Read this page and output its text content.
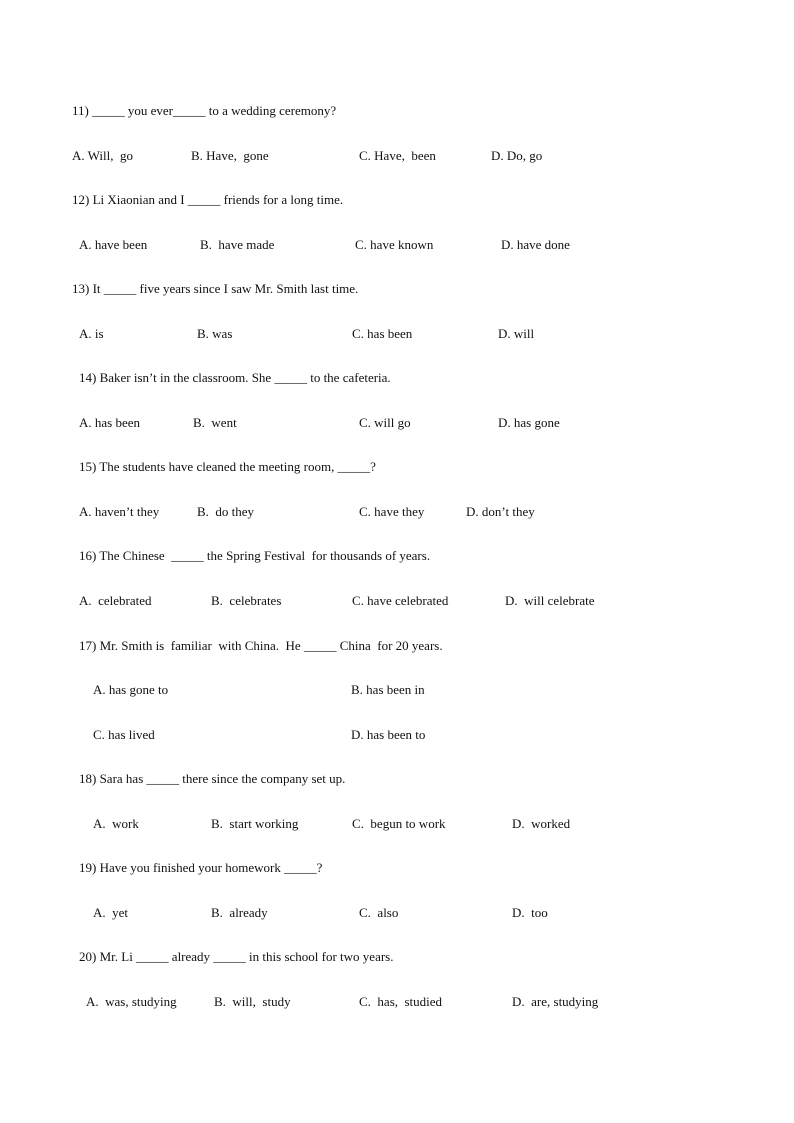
11) _____ you ever_____ to a wedding ceremony?
A. Will,  go	B. Have,  gone	C. Have,  been	D. Do, go
12) Li Xiaonian and I _____ friends for a long time.
A. have been	B.  have made	C. have known	D. have done
13) It _____ five years since I saw Mr. Smith last time.
A. is	B. was	C. has been	D. will
14) Baker isn’t in the classroom. She _____ to the cafeteria.
A. has been	B.  went	C. will go	D. has gone
15) The students have cleaned the meeting room, _____?
A. haven’t they	B.  do they	C. have they	D. don’t they
16) The Chinese  _____ the Spring Festival  for thousands of years.
A.  celebrated	B.  celebrates	C. have celebrated	D.  will celebrate
17) Mr. Smith is  familiar  with China.  He _____ China  for 20 years.
A. has gone to	B. has been in
C. has lived	D. has been to
18) Sara has _____ there since the company set up.
A.  work	B.  start working	C.  begun to work	D.  worked
19) Have you finished your homework _____?
A.  yet	B.  already	C.  also	D.  too
20) Mr. Li _____ already _____ in this school for two years.
A.  was, studying	B.  will,  study	C.  has,  studied	D.  are, studying
